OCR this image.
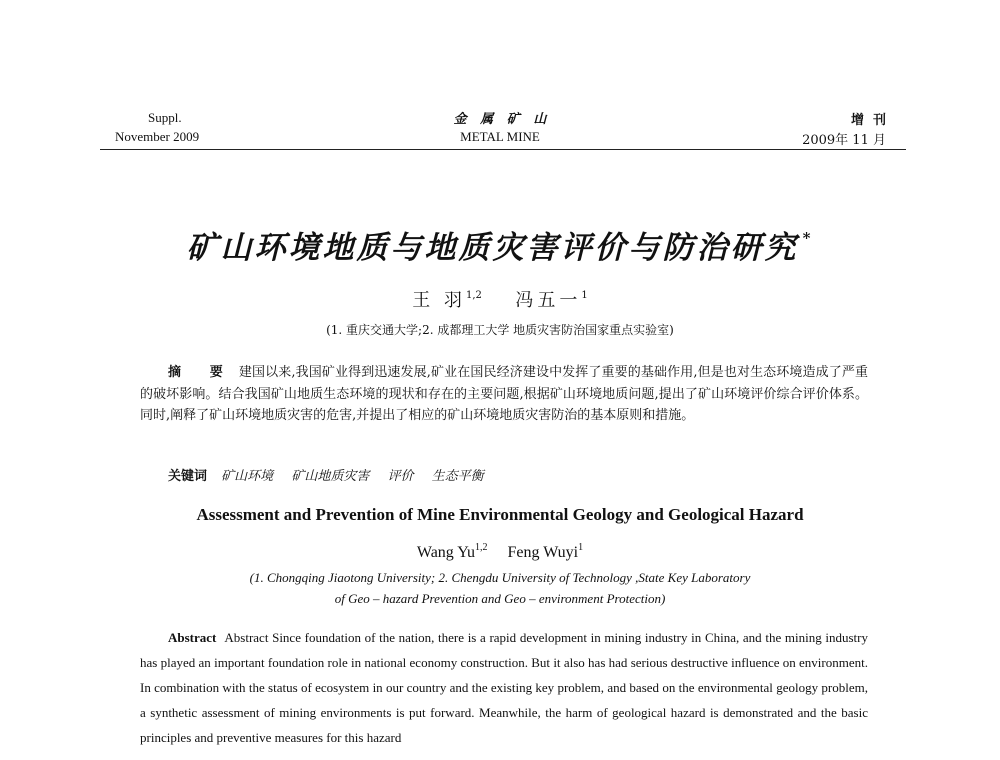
Suppl.
November 2009
金   属   矿   山
METAL MINE
增  刊
2009年 11 月
矿山环境地质与地质灾害评价与防治研究 *
王 羽$^{1,2}$ 冯五一$^1$
(1. 重庆交通大学;2. 成都理工大学 地质灾害防治国家重点实验室)

摘 要 建国以来,我国矿业得到迅速发展,矿业在国民经济建设中发挥了重要的基础作用,但是也对生态环境造成了严重的破坏影响。结合我国矿山地质生态环境的现状和存在的主要问题,根据矿山环境地质问题,提出了矿山环境评价综合评价体系。同时,阐释了矿山环境地质灾害的危害,并提出了相应的矿山环境地质灾害防治的基本原则和措施。

关键词 矿山环境 矿山地质灾害 评价 生态平衡
Assessment and Prevention of Mine Environmental Geology and Geological Hazard
Wang Yu$^{1,2}$ Feng Wuyi$^1$
(1. Chongqing Jiaotong University; 2. Chengdu University of Technology ,State Key Laboratory
of Geo – hazard Prevention and Geo – environment Protection)

Abstract Abstract Since foundation of the nation, there is a rapid development in mining industry in China, and the mining industry has played an important foundation role in national economy construction. But it also has had serious destructive influence on environment. In combination with the status of ecosystem in our country and the existing key problem, and based on the environmental geology problem, a synthetic assessment of mining environments is put forward. Meanwhile, the harm of geological hazard is demonstrated and the basic principles and preventive measures for this hazard
